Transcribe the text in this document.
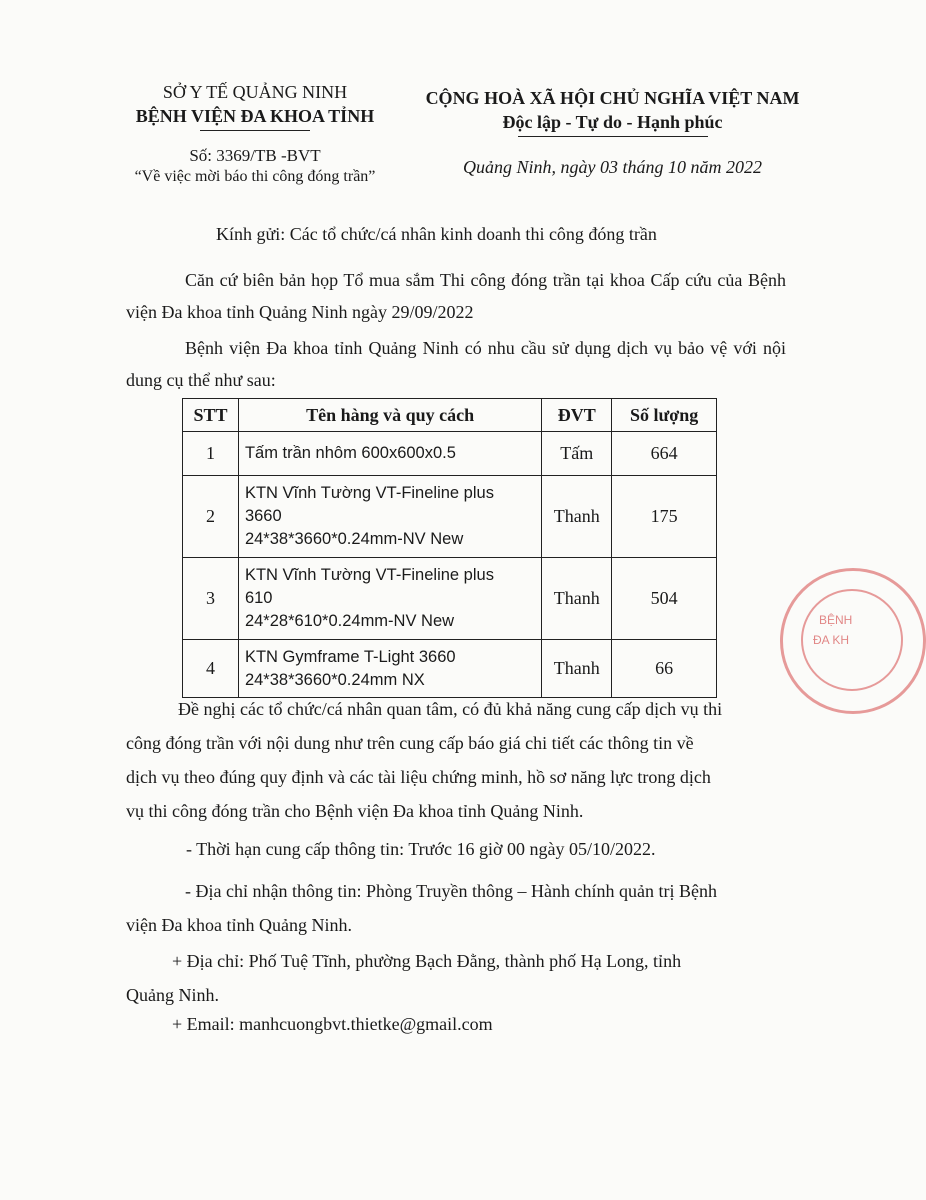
SỞ Y TẾ QUẢNG NINH
BỆNH VIỆN ĐA KHOA TỈNH
Số: 3369/TB -BVT
“Về việc mời báo thi công đóng trần”
CỘNG HOÀ XÃ HỘI CHỦ NGHĨA VIỆT NAM
Độc lập - Tự do - Hạnh phúc
Quảng Ninh, ngày 03 tháng 10 năm 2022
Kính gửi: Các tổ chức/cá nhân kinh doanh thi công đóng trần
Căn cứ biên bản họp Tổ mua sắm Thi công đóng trần tại khoa Cấp cứu của Bệnh viện Đa khoa tỉnh Quảng Ninh ngày 29/09/2022
Bệnh viện Đa khoa tỉnh Quảng Ninh có nhu cầu sử dụng dịch vụ bảo vệ với nội dung cụ thể như sau:
STT	Tên hàng và quy cách	ĐVT	Số lượng
1	Tấm trần nhôm 600x600x0.5	Tấm	664
2	KTN Vĩnh Tường VT-Fineline plus
3660
24*38*3660*0.24mm-NV New	Thanh	175
3	KTN Vĩnh Tường VT-Fineline plus
610
24*28*610*0.24mm-NV New	Thanh	504
4	KTN Gymframe T-Light 3660
24*38*3660*0.24mm NX	Thanh	66
Đề nghị các tổ chức/cá nhân quan tâm, có đủ khả năng cung cấp dịch vụ thi
công đóng trần với nội dung như trên cung cấp báo giá chi tiết các thông tin về
dịch vụ theo đúng quy định và các tài liệu chứng minh, hồ sơ năng lực trong dịch
vụ thi công đóng trần cho Bệnh viện Đa khoa tỉnh Quảng Ninh.
- Thời hạn cung cấp thông tin: Trước 16 giờ 00 ngày 05/10/2022.
- Địa chỉ nhận thông tin: Phòng Truyền thông – Hành chính quản trị Bệnh
viện Đa khoa tỉnh Quảng Ninh.
+ Địa chỉ: Phố Tuệ Tĩnh, phường Bạch Đằng, thành phố Hạ Long, tỉnh
Quảng Ninh.
+ Email: manhcuongbvt.thietke@gmail.com
BỆNH
ĐA KH
